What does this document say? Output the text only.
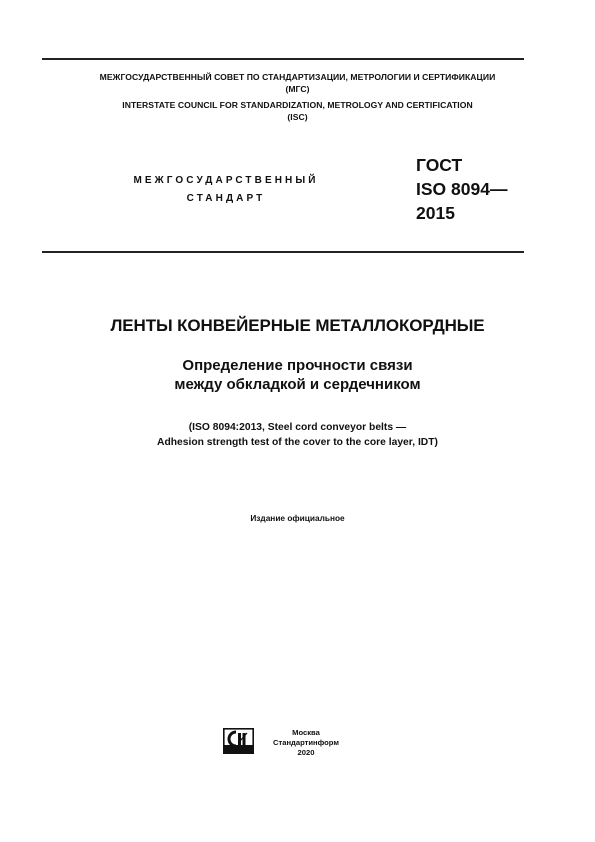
МЕЖГОСУДАРСТВЕННЫЙ СОВЕТ ПО СТАНДАРТИЗАЦИИ, МЕТРОЛОГИИ И СЕРТИФИКАЦИИ
(МГС)
INTERSTATE COUNCIL FOR STANDARDIZATION, METROLOGY AND CERTIFICATION
(ISC)
МЕЖГОСУДАРСТВЕННЫЙ
СТАНДАРТ
ГОСТ
ISO 8094—
2015
ЛЕНТЫ КОНВЕЙЕРНЫЕ МЕТАЛЛОКОРДНЫЕ
Определение прочности связи
между обкладкой и сердечником
(ISO 8094:2013, Steel cord conveyor belts —
Adhesion strength test of the cover to the core layer, IDT)
Издание официальное
Москва
Стандартинформ
2020
